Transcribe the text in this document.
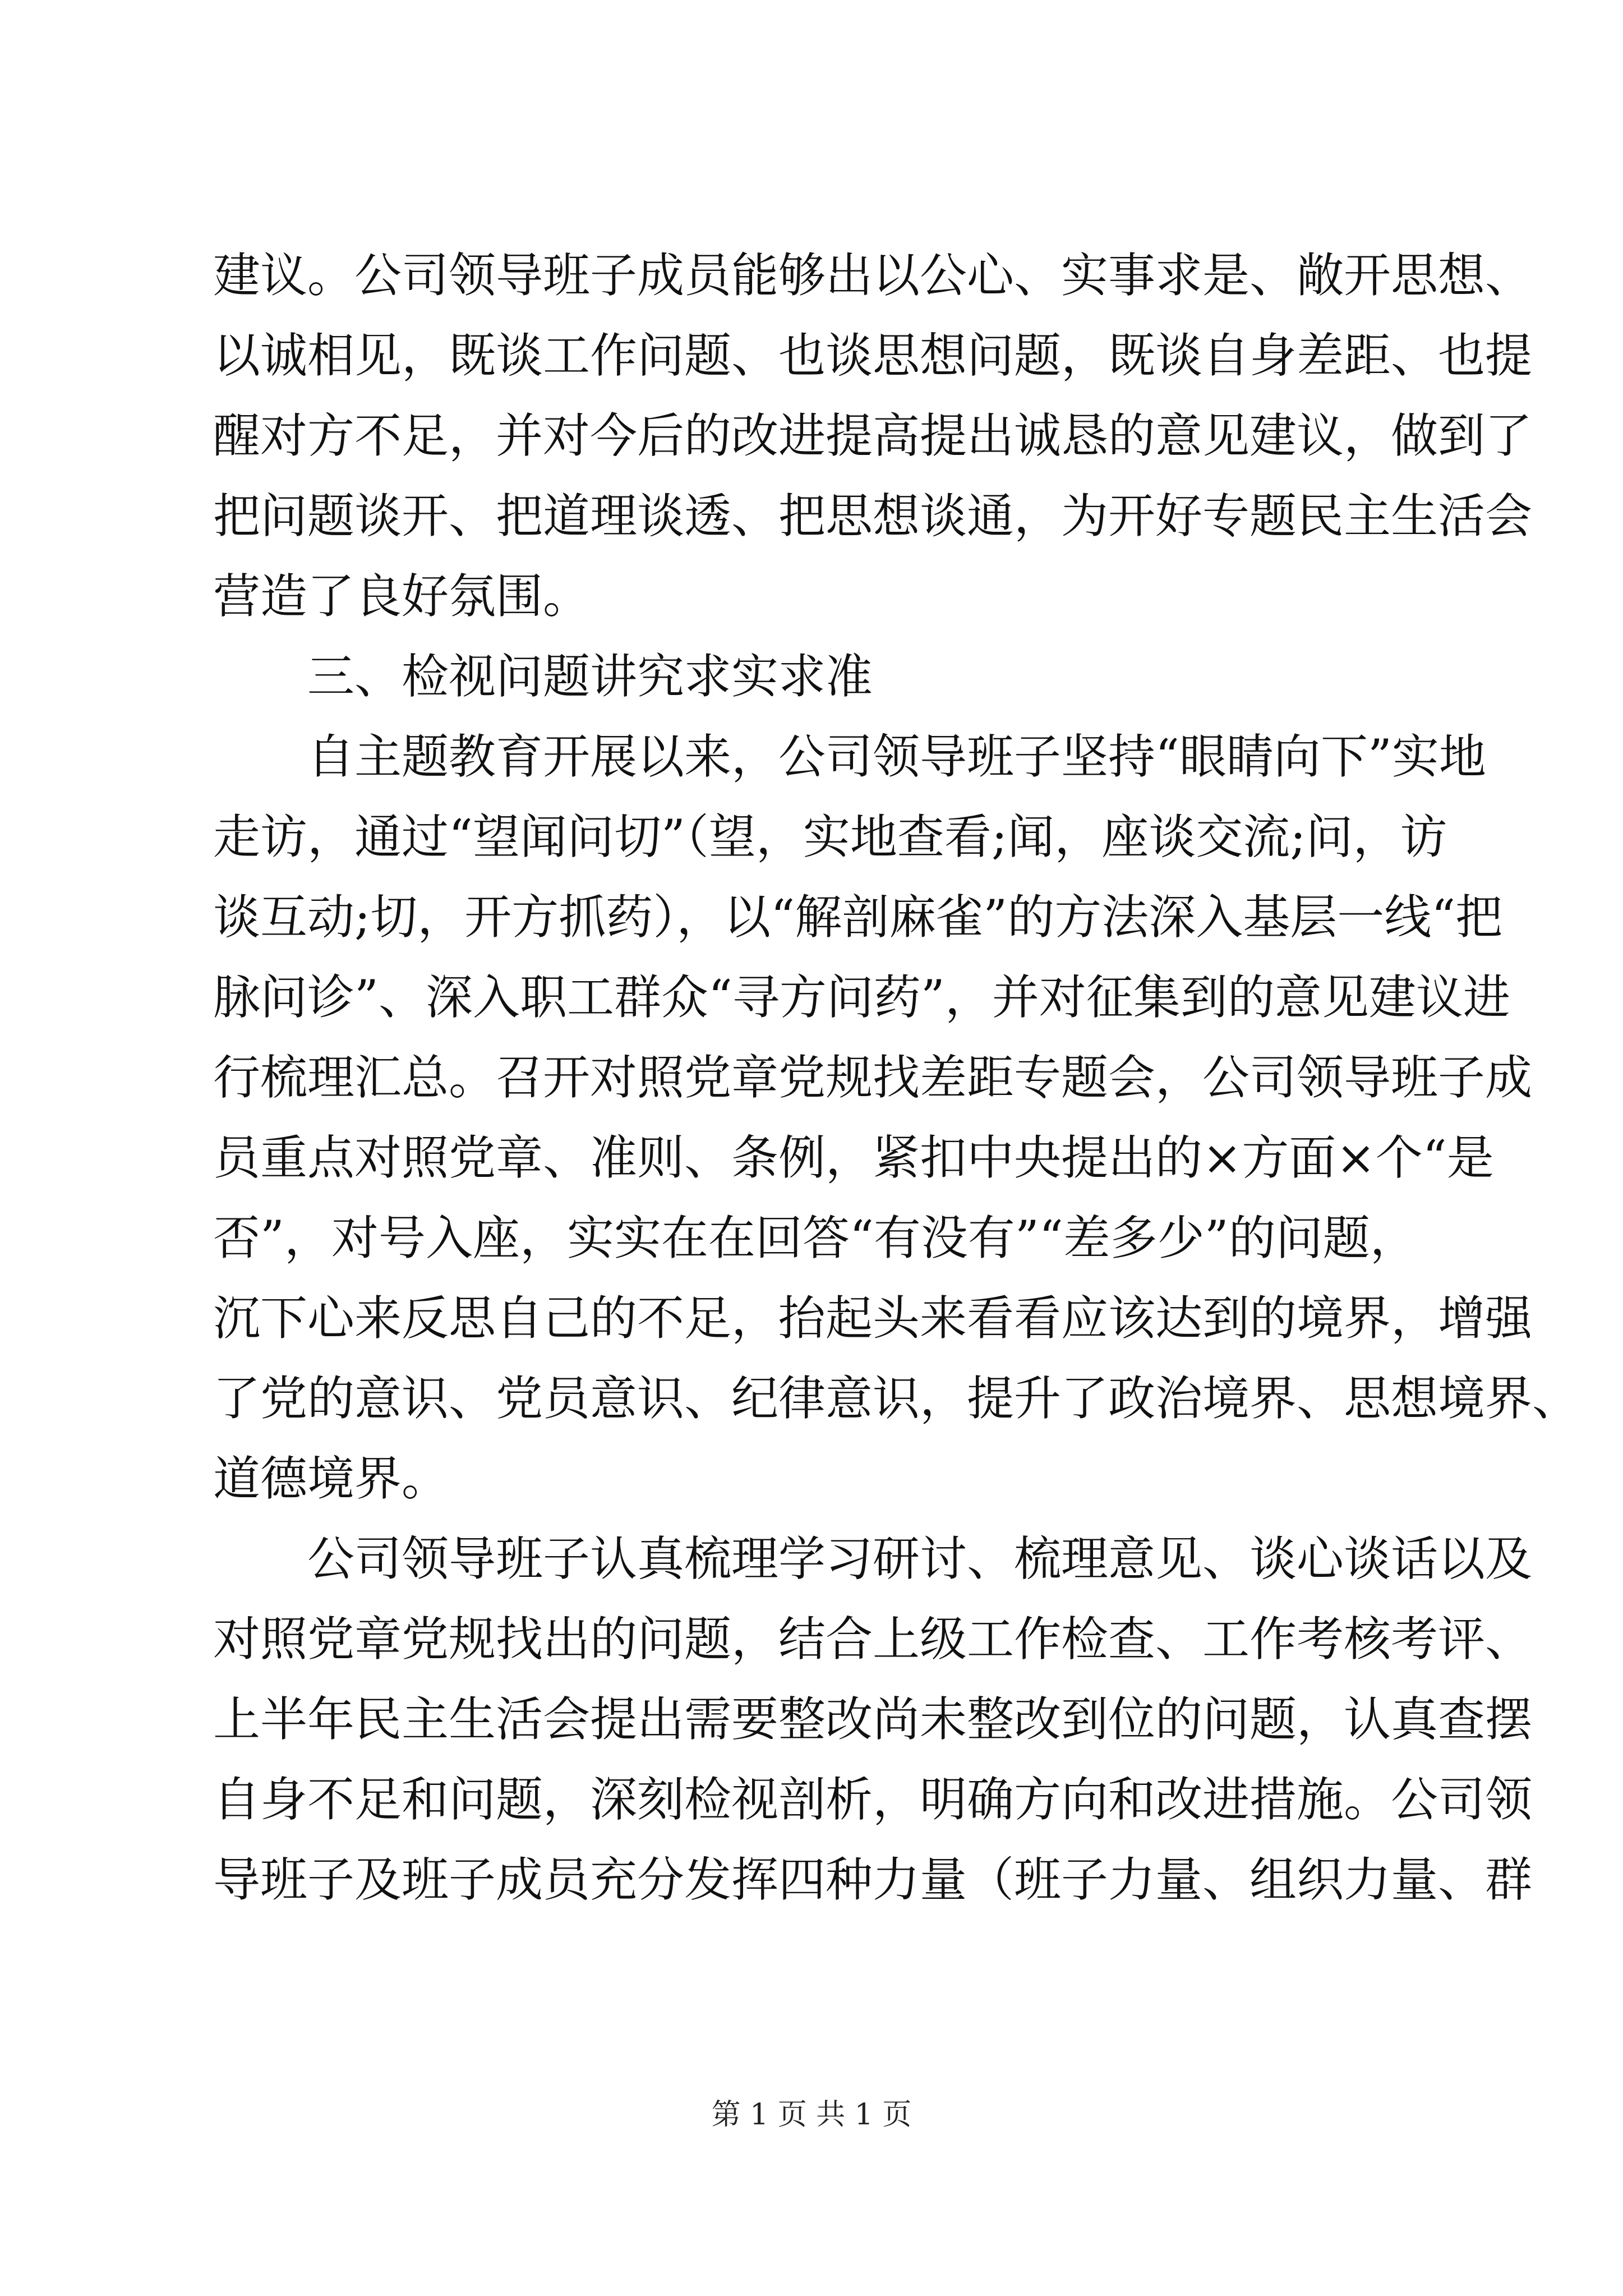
建议。公司领导班子成员能够出以公心、实事求是、敞开思想、
以诚相见，既谈工作问题、也谈思想问题，既谈自身差距、也提
醒对方不足，并对今后的改进提高提出诚恳的意见建议，做到了
把问题谈开、把道理谈透、把思想谈通，为开好专题民主生活会
营造了良好氛围。
　　三、检视问题讲究求实求准
　　自主题教育开展以来，公司领导班子坚持“眼睛向下”实地
走访，通过“望闻问切”（望，实地查看;闻，座谈交流;问，访
谈互动;切，开方抓药），以“解剖麻雀”的方法深入基层一线“把
脉问诊”、深入职工群众“寻方问药”，并对征集到的意见建议进
行梳理汇总。召开对照党章党规找差距专题会，公司领导班子成
员重点对照党章、准则、条例，紧扣中央提出的×方面×个“是
否”，对号入座，实实在在回答“有没有”“差多少”的问题，
沉下心来反思自己的不足，抬起头来看看应该达到的境界，增强
了党的意识、党员意识、纪律意识，提升了政治境界、思想境界、
道德境界。
　　公司领导班子认真梳理学习研讨、梳理意见、谈心谈话以及
对照党章党规找出的问题，结合上级工作检查、工作考核考评、
上半年民主生活会提出需要整改尚未整改到位的问题，认真查摆
自身不足和问题，深刻检视剖析，明确方向和改进措施。公司领
导班子及班子成员充分发挥四种力量（班子力量、组织力量、群
第 1 页 共 1 页
